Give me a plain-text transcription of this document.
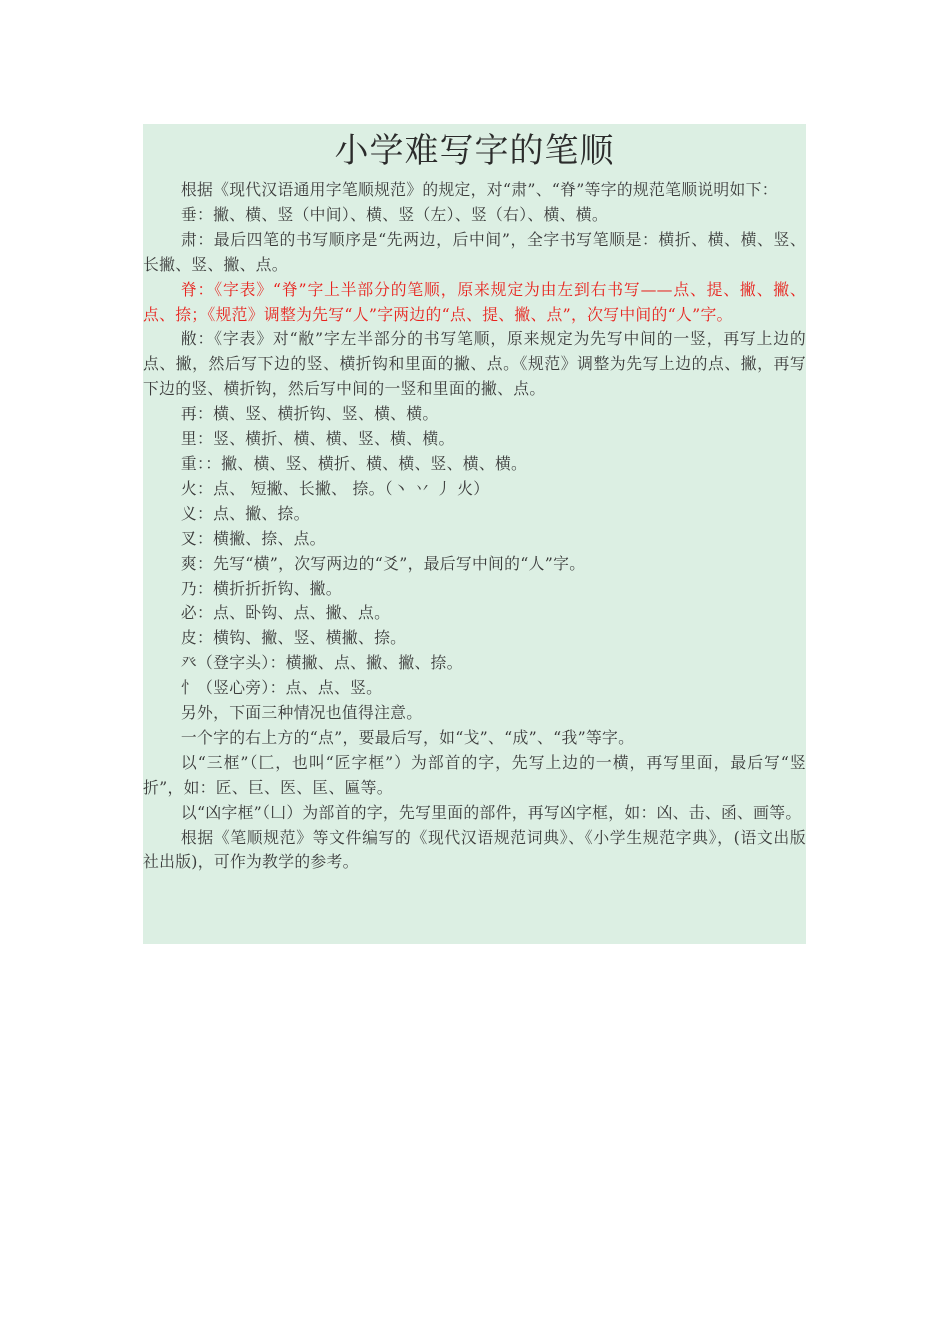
小学难写字的笔顺

根据《现代汉语通用字笔顺规范》的规定，对“肃”、“脊”等字的规范笔顺说明如下：

垂：撇、横、竖（中间）、横、竖（左）、竖（右）、横、横。

肃：最后四笔的书写顺序是“先两边，后中间”，全字书写笔顺是：横折、横、横、竖、长撇、竖、撇、点。

脊：《字表》“脊”字上半部分的笔顺，原来规定为由左到右书写——点、提、撇、撇、点、捺；《规范》调整为先写“人”字两边的“点、提、撇、点”，次写中间的“人”字。

敝：《字表》对“敝”字左半部分的书写笔顺，原来规定为先写中间的一竖，再写上边的点、撇，然后写下边的竖、横折钩和里面的撇、点。《规范》调整为先写上边的点、撇，再写下边的竖、横折钩，然后写中间的一竖和里面的撇、点。

再：横、竖、横折钩、竖、横、横。

里：竖、横折、横、横、竖、横、横。

重：：撇、横、竖、横折、横、横、竖、横、横。

火：点、 短撇、长撇、 捺。（丶 丷 丿 火）

义：点、撇、捺。

叉：横撇、捺、点。

爽：先写“横”，次写两边的“爻”，最后写中间的“人”字。

乃：横折折折钩、撇。

必：点、卧钩、点、撇、点。

皮：横钩、撇、竖、横撇、捺。

癶（登字头）：横撇、点、撇、撇、捺。

忄（竖心旁）：点、点、竖。

另外，下面三种情况也值得注意。

一个字的右上方的“点”，要最后写，如“戈”、“成”、“我”等字。

以“三框”（匚，也叫“匠字框”）为部首的字，先写上边的一横，再写里面，最后写“竖折”，如：匠、巨、医、匡、匾等。

以“凶字框”（凵）为部首的字，先写里面的部件，再写凶字框，如：凶、击、函、画等。

根据《笔顺规范》等文件编写的《现代汉语规范词典》、《小学生规范字典》，(语文出版社出版)，可作为教学的参考。
